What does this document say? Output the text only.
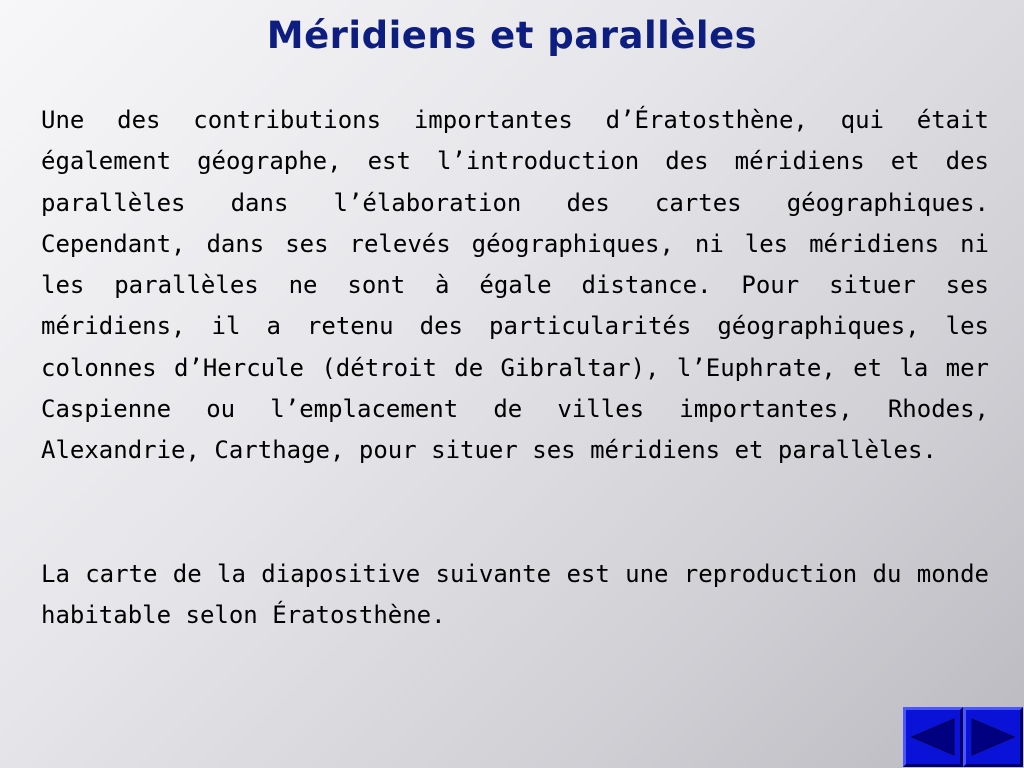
Méridiens et parallèles

Une des contributions importantes d’Ératosthène, qui était également géographe, est l’introduction des méridiens et des parallèles dans l’élaboration des cartes géographiques. Cependant, dans ses relevés géographiques, ni les méridiens ni les parallèles ne sont à égale distance. Pour situer ses méridiens, il a retenu des particularités géographiques, les colonnes d’Hercule (détroit de Gibraltar), l’Euphrate, et la mer Caspienne ou l’emplacement de villes importantes, Rhodes, Alexandrie, Carthage, pour situer ses méridiens et parallèles.

La carte de la diapositive suivante est une reproduction du monde habitable selon Ératosthène.
